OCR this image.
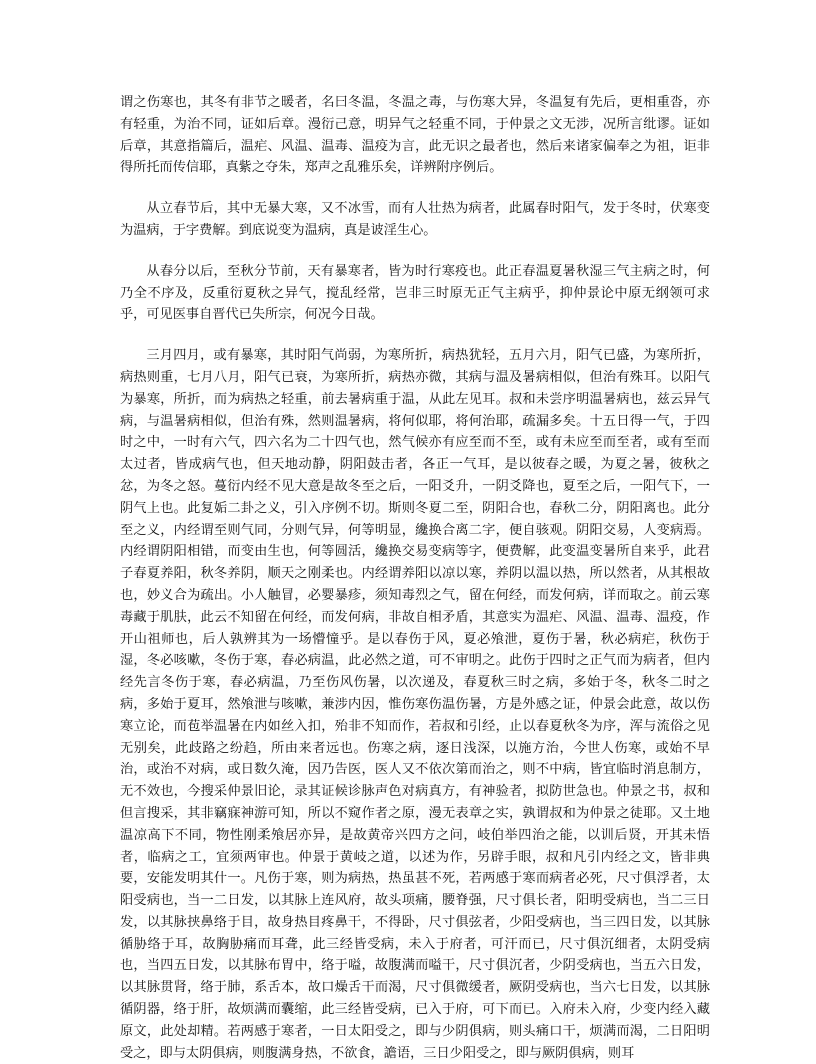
谓之伤寒也，其冬有非节之暖者，名曰冬温，冬温之毒，与伤寒大异，冬温复有先后，更相重沓，亦有轻重，为治不同，证如后章。漫衍己意，明异气之轻重不同，于仲景之文无涉，况所言纰谬。证如后章，其意指篇后，温疟、风温、温毒、温疫为言，此无识之最者也，然后来诸家偏奉之为祖，讵非得所托而传信耶，真紫之夺朱，郑声之乱雅乐矣，详辨附序例后。

从立春节后，其中无暴大寒，又不冰雪，而有人壮热为病者，此属春时阳气，发于冬时，伏寒变为温病，于字费解。到底说变为温病，真是诐淫生心。

从春分以后，至秋分节前，天有暴寒者，皆为时行寒疫也。此正春温夏暑秋湿三气主病之时，何乃全不序及，反重衍夏秋之异气，搅乱经常，岂非三时原无正气主病乎，抑仲景论中原无纲领可求乎，可见医事自晋代已失所宗，何况今日哉。

三月四月，或有暴寒，其时阳气尚弱，为寒所折，病热犹轻，五月六月，阳气已盛，为寒所折，病热则重，七月八月，阳气已衰，为寒所折，病热亦微，其病与温及暑病相似，但治有殊耳。以阳气为暴寒，所折，而为病热之轻重，前去暑病重于温，从此左见耳。叔和未尝序明温暑病也，兹云异气病，与温暑病相似，但治有殊，然则温暑病，将何似耶，将何治耶，疏漏多矣。十五日得一气，于四时之中，一时有六气，四六名为二十四气也，然气候亦有应至而不至，或有未应至而至者，或有至而太过者，皆成病气也，但天地动静，阴阳鼓击者，各正一气耳，是以彼春之暖，为夏之暑，彼秋之忿，为冬之怒。蔓衍内经不见大意是故冬至之后，一阳爻升，一阴爻降也，夏至之后，一阳气下，一阴气上也。此复姤二卦之义，引入序例不切。斯则冬夏二至，阴阳合也，春秋二分，阴阳离也。此分至之义，内经谓至则气同，分则气异，何等明显，纔换合离二字，便自骇观。阴阳交易，人变病焉。内经谓阴阳相错，而变由生也，何等圆活，纔换交易变病等字，便费解，此变温变暑所自来乎，此君子春夏养阳，秋冬养阴，顺天之刚柔也。内经谓养阳以凉以寒，养阴以温以热，所以然者，从其根故也，妙义合为疏出。小人触冒，必婴暴疹，须知毒烈之气，留在何经，而发何病，详而取之。前云寒毒藏于肌肤，此云不知留在何经，而发何病，非故自相矛盾，其意实为温疟、风温、温毒、温疫，作开山祖师也，后人孰辨其为一场懵憧乎。是以春伤于风，夏必飧泄，夏伤于暑，秋必病疟，秋伤于湿，冬必咳嗽，冬伤于寒，春必病温，此必然之道，可不审明之。此伤于四时之正气而为病者，但内经先言冬伤于寒，春必病温，乃至伤风伤暑，以次递及，春夏秋三时之病，多始于冬，秋冬二时之病，多始于夏耳，然飧泄与咳嗽，兼涉内因，惟伤寒伤温伤暑，方是外感之证，仲景会此意，故以伤寒立论，而苞举温暑在内如丝入扣，殆非不知而作，若叔和引经，止以春夏秋冬为序，浑与流俗之见无别矣，此歧路之纷趋，所由来者远也。伤寒之病，逐日浅深，以施方治，今世人伤寒，或始不早治，或治不对病，或日数久淹，因乃告医，医人又不依次第而治之，则不中病，皆宜临时消息制方，无不效也，今搜采仲景旧论，录其证候诊脉声色对病真方，有神验者，拟防世急也。仲景之书，叔和但言搜采，其非竊寐神游可知，所以不窥作者之原，漫无表章之实，孰谓叔和为仲景之徒耶。又土地温凉高下不同，物性刚柔飧居亦异，是故黄帝兴四方之问，岐伯举四治之能，以训后贤，开其未悟者，临病之工，宜须两审也。仲景于黄岐之道，以述为作，另辟手眼，叔和凡引内经之文，皆非典要，安能发明其什一。凡伤于寒，则为病热，热虽甚不死，若两感于寒而病者必死，尺寸俱浮者，太阳受病也，当一二日发，以其脉上连风府，故头项痛，腰脊强，尺寸俱长者，阳明受病也，当二三日发，以其脉挟鼻络于目，故身热目疼鼻干，不得卧，尺寸俱弦者，少阳受病也，当三四日发，以其脉循胁络于耳，故胸胁痛而耳聋，此三经皆受病，未入于府者，可汗而已，尺寸俱沉细者，太阴受病也，当四五日发，以其脉布胃中，络于嗌，故腹满而嗌干，尺寸俱沉者，少阴受病也，当五六日发，以其脉贯肾，络于肺，系舌本，故口燥舌干而渴，尺寸俱微缓者，厥阴受病也，当六七日发，以其脉循阴器，络于肝，故烦满而囊缩，此三经皆受病，已入于府，可下而已。入府未入府，少变内经入藏原文，此处却精。若两感于寒者，一日太阳受之，即与少阴俱病，则头痛口干，烦满而渴，二日阳明受之，即与太阴俱病，则腹满身热，不欲食，譫语，三日少阳受之，即与厥阴俱病，则耳
